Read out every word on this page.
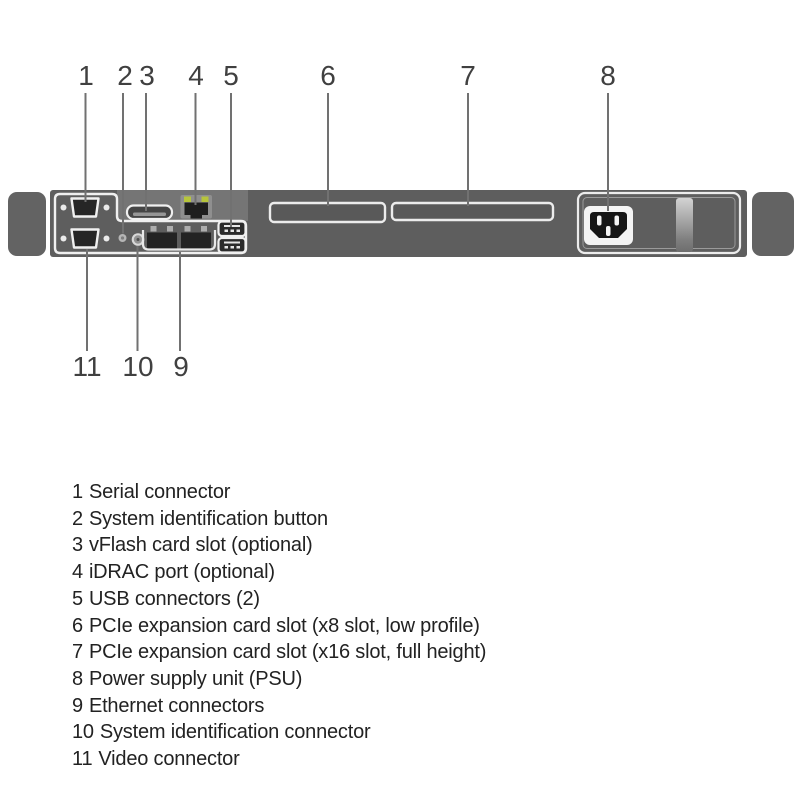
1 2 3 4 5	6	7	8
11 10 9
1 Serial connector
2 System identification button
3 vFlash card slot (optional)
4 iDRAC port (optional)
5 USB connectors (2)
6 PCIe expansion card slot (x8 slot, low profile)
7 PCIe expansion card slot (x16 slot, full height)
8 Power supply unit (PSU)
9 Ethernet connectors
10 System identification connector
11 Video connector
